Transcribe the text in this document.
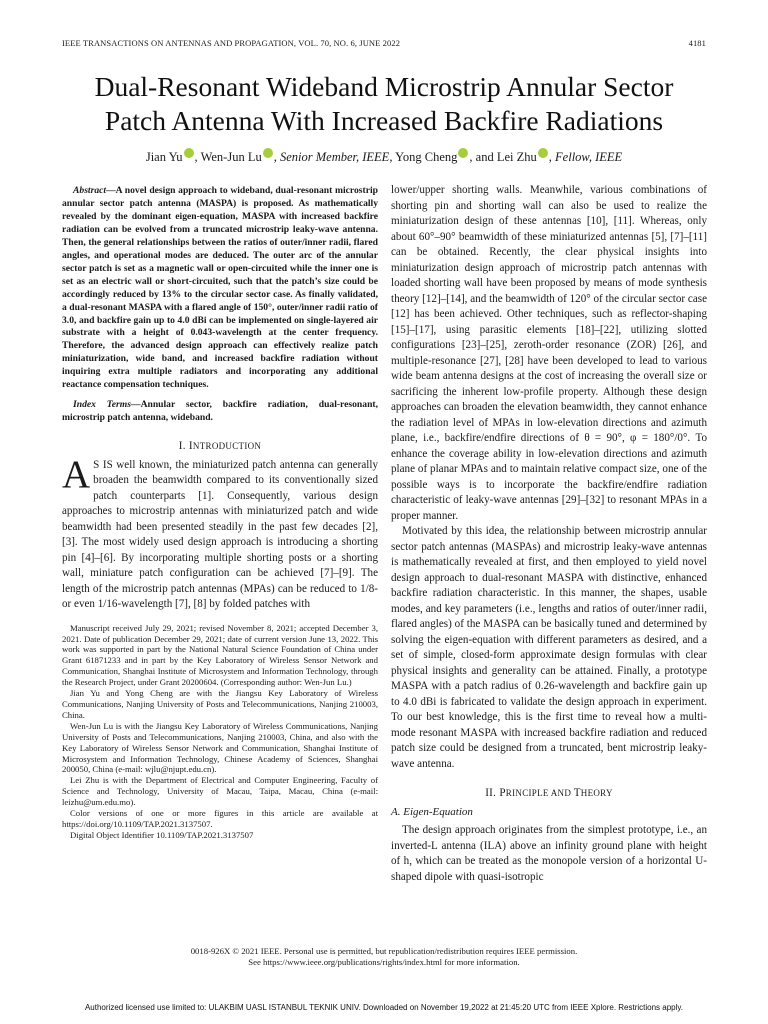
IEEE TRANSACTIONS ON ANTENNAS AND PROPAGATION, VOL. 70, NO. 6, JUNE 2022	4181
Dual-Resonant Wideband Microstrip Annular Sector
Patch Antenna With Increased Backfire Radiations
Jian Yu , Wen-Jun Lu , Senior Member, IEEE, Yong Cheng , and Lei Zhu , Fellow, IEEE

Abstract—A novel design approach to wideband, dual-resonant microstrip annular sector patch antenna (MASPA) is proposed. As mathematically revealed by the dominant eigen-equation, MASPA with increased backfire radiation can be evolved from a truncated microstrip leaky-wave antenna. Then, the general relationships between the ratios of outer/inner radii, flared angles, and operational modes are deduced. The outer arc of the annular sector patch is set as a magnetic wall or open-circuited while the inner one is set as an electric wall or short-circuited, such that the patch’s size could be accordingly reduced by 13% to the circular sector case. As finally validated, a dual-resonant MASPA with a flared angle of 150°, outer/inner radii ratio of 3.0, and backfire gain up to 4.0 dBi can be implemented on single-layered air substrate with a height of 0.043-wavelength at the center frequency. Therefore, the advanced design approach can effectively realize patch miniaturization, wide band, and increased backfire radiation without inquiring extra multiple radiators and incorporating any additional reactance compensation techniques.

Index Terms—Annular sector, backfire radiation, dual-resonant, microstrip patch antenna, wideband.

I. INTRODUCTION

A S IS well known, the miniaturized patch antenna can generally broaden the beamwidth compared to its conventionally sized patch counterparts [1]. Consequently, various design approaches to microstrip antennas with miniaturized patch and wide beamwidth had been presented steadily in the past few decades [2], [3]. The most widely used design approach is introducing a shorting pin [4]–[6]. By incorporating multiple shorting posts or a shorting wall, miniature patch configuration can be achieved [7]–[9]. The length of the microstrip patch antennas (MPAs) can be reduced to 1/8- or even 1/16-wavelength [7], [8] by folded patches with

Manuscript received July 29, 2021; revised November 8, 2021; accepted December 3, 2021. Date of publication December 29, 2021; date of current version June 13, 2022. This work was supported in part by the National Natural Science Foundation of China under Grant 61871233 and in part by the Key Laboratory of Wireless Sensor Network and Communication, Shanghai Institute of Microsystem and Information Technology, through the Research Project, under Grant 20200604. (Corresponding author: Wen-Jun Lu.)

Jian Yu and Yong Cheng are with the Jiangsu Key Laboratory of Wireless Communications, Nanjing University of Posts and Telecommunications, Nanjing 210003, China.

Wen-Jun Lu is with the Jiangsu Key Laboratory of Wireless Communications, Nanjing University of Posts and Telecommunications, Nanjing 210003, China, and also with the Key Laboratory of Wireless Sensor Network and Communication, Shanghai Institute of Microsystem and Information Technology, Chinese Academy of Sciences, Shanghai 200050, China (e-mail: wjlu@njupt.edu.cn).

Lei Zhu is with the Department of Electrical and Computer Engineering, Faculty of Science and Technology, University of Macau, Taipa, Macau, China (e-mail: leizhu@um.edu.mo).

Color versions of one or more figures in this article are available at https://doi.org/10.1109/TAP.2021.3137507.

Digital Object Identifier 10.1109/TAP.2021.3137507

lower/upper shorting walls. Meanwhile, various combinations of shorting pin and shorting wall can also be used to realize the miniaturization design of these antennas [10], [11]. Whereas, only about 60°–90° beamwidth of these miniaturized antennas [5], [7]–[11] can be obtained. Recently, the clear physical insights into miniaturization design approach of microstrip patch antennas with loaded shorting wall have been proposed by means of mode synthesis theory [12]–[14], and the beamwidth of 120° of the circular sector case [12] has been achieved. Other techniques, such as reflector-shaping [15]–[17], using parasitic elements [18]–[22], utilizing slotted configurations [23]–[25], zeroth-order resonance (ZOR) [26], and multiple-resonance [27], [28] have been developed to lead to various wide beam antenna designs at the cost of increasing the overall size or sacrificing the inherent low-profile property. Although these design approaches can broaden the elevation beamwidth, they cannot enhance the radiation level of MPAs in low-elevation directions and azimuth plane, i.e., backfire/endfire directions of θ = 90°, φ = 180°/0°. To enhance the coverage ability in low-elevation directions and azimuth plane of planar MPAs and to maintain relative compact size, one of the possible ways is to incorporate the backfire/endfire radiation characteristic of leaky-wave antennas [29]–[32] to resonant MPAs in a proper manner.

Motivated by this idea, the relationship between microstrip annular sector patch antennas (MASPAs) and microstrip leaky-wave antennas is mathematically revealed at first, and then employed to yield novel design approach to dual-resonant MASPA with distinctive, enhanced backfire radiation characteristic. In this manner, the shapes, usable modes, and key parameters (i.e., lengths and ratios of outer/inner radii, flared angles) of the MASPA can be basically tuned and determined by solving the eigen-equation with different parameters as desired, and a set of simple, closed-form approximate design formulas with clear physical insights and generality can be attained. Finally, a prototype MASPA with a patch radius of 0.26-wavelength and backfire gain up to 4.0 dBi is fabricated to validate the design approach in experiment. To our best knowledge, this is the first time to reveal how a multi-mode resonant MASPA with increased backfire radiation and reduced patch size could be designed from a truncated, bent microstrip leaky-wave antenna.

II. PRINCIPLE AND THEORY
A. Eigen-Equation

The design approach originates from the simplest prototype, i.e., an inverted-L antenna (ILA) above an infinity ground plane with height of h, which can be treated as the monopole version of a horizontal U-shaped dipole with quasi-isotropic

0018-926X © 2021 IEEE. Personal use is permitted, but republication/redistribution requires IEEE permission.
See https://www.ieee.org/publications/rights/index.html for more information.
Authorized licensed use limited to: ULAKBIM UASL ISTANBUL TEKNIK UNIV. Downloaded on November 19,2022 at 21:45:20 UTC from IEEE Xplore. Restrictions apply.
